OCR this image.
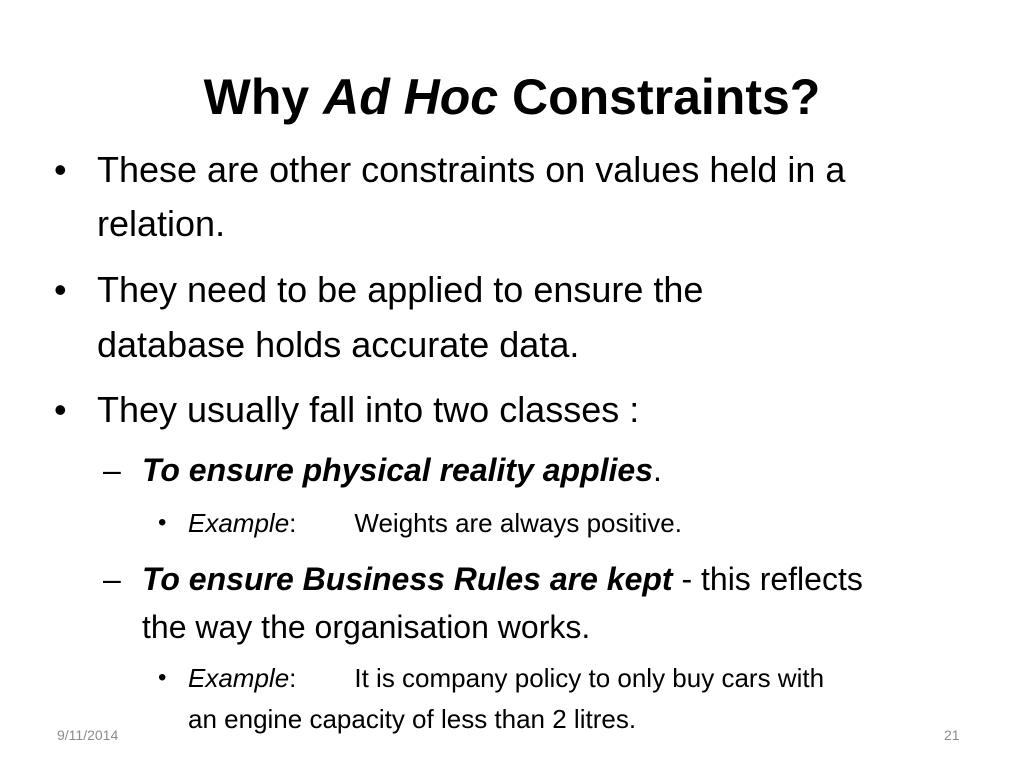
Why Ad Hoc Constraints?
• These are other constraints on values held in a
relation.
• They need to be applied to ensure the
database holds accurate data.
• They usually fall into two classes :
– To ensure physical reality applies.
• Example: Weights are always positive.
– To ensure Business Rules are kept - this reflects
the way the organisation works.
• Example: It is company policy to only buy cars with
an engine capacity of less than 2 litres.
9/11/2014	21
